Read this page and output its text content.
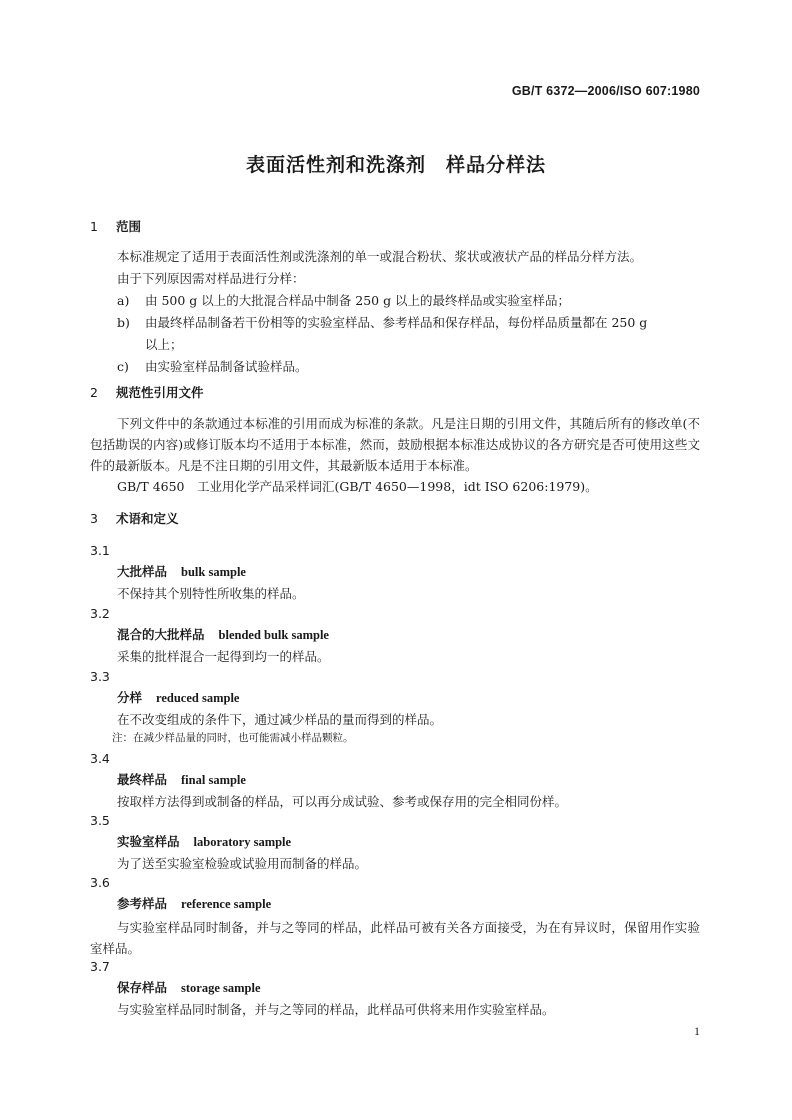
GB/T 6372—2006/ISO 607:1980
表面活性剂和洗涤剂　样品分样法
1 范围
本标准规定了适用于表面活性剂或洗涤剂的单一或混合粉状、浆状或液状产品的样品分样方法。
由于下列原因需对样品进行分样：
a) 由 500 g 以上的大批混合样品中制备 250 g 以上的最终样品或实验室样品；
b) 由最终样品制备若干份相等的实验室样品、参考样品和保存样品，每份样品质量都在 250 g
以上；
c) 由实验室样品制备试验样品。
2 规范性引用文件
下列文件中的条款通过本标准的引用而成为标准的条款。凡是注日期的引用文件，其随后所有的修改单(不包括勘误的内容)或修订版本均不适用于本标准，然而，鼓励根据本标准达成协议的各方研究是否可使用这些文件的最新版本。凡是不注日期的引用文件，其最新版本适用于本标准。
GB/T 4650　工业用化学产品采样词汇(GB/T 4650—1998，idt ISO 6206:1979)。
3 术语和定义
3.1
大批样品 bulk sample
不保持其个别特性所收集的样品。
3.2
混合的大批样品 blended bulk sample
采集的批样混合一起得到均一的样品。
3.3
分样 reduced sample
在不改变组成的条件下，通过减少样品的量而得到的样品。
注：在减少样品量的同时，也可能需减小样品颗粒。
3.4
最终样品 final sample
按取样方法得到或制备的样品，可以再分成试验、参考或保存用的完全相同份样。
3.5
实验室样品 laboratory sample
为了送至实验室检验或试验用而制备的样品。
3.6
参考样品 reference sample
与实验室样品同时制备，并与之等同的样品，此样品可被有关各方面接受，为在有异议时，保留用作实验室样品。
3.7
保存样品 storage sample
与实验室样品同时制备，并与之等同的样品，此样品可供将来用作实验室样品。
1
